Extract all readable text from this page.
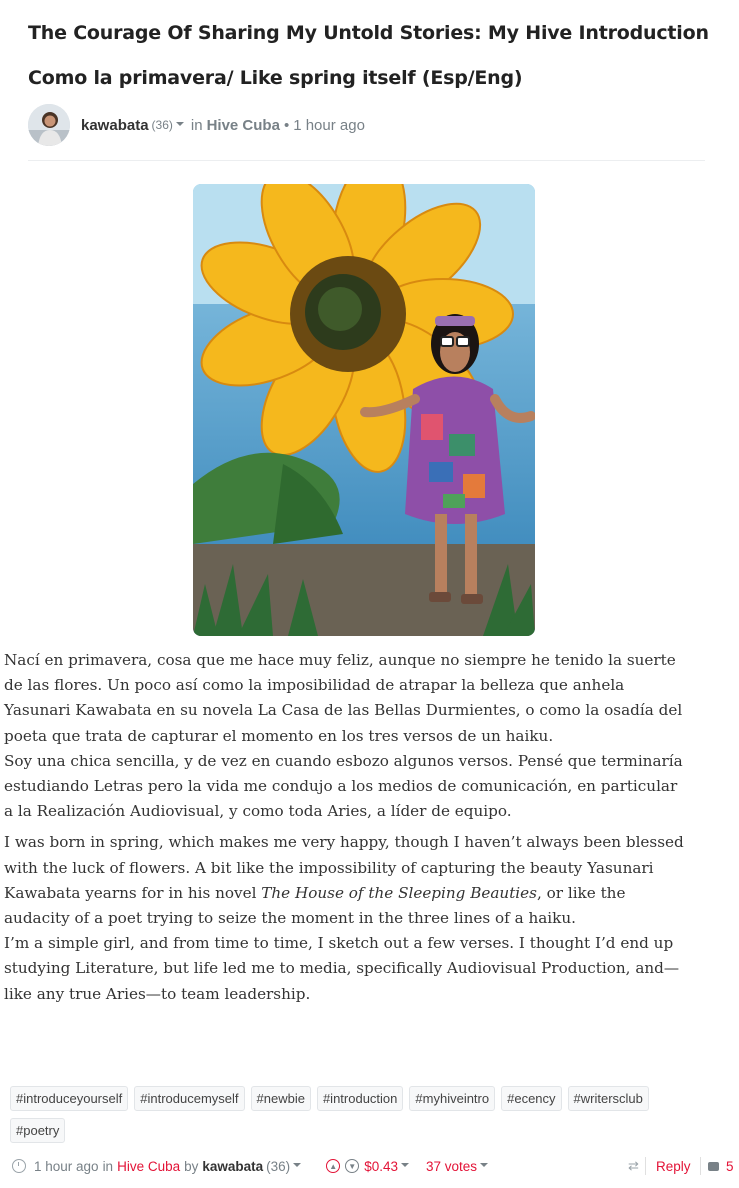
The Courage Of Sharing My Untold Stories: My Hive Introduction
Como la primavera/ Like spring itself (Esp/Eng)
kawabata (36) in Hive Cuba • 1 hour ago

Nací en primavera, cosa que me hace muy feliz, aunque no siempre he tenido la suerte de las flores. Un poco así como la imposibilidad de atrapar la belleza que anhela Yasunari Kawabata en su novela La Casa de las Bellas Durmientes, o como la osadía del poeta que trata de capturar el momento en los tres versos de un haiku.

Soy una chica sencilla, y de vez en cuando esbozo algunos versos. Pensé que terminaría estudiando Letras pero la vida me condujo a los medios de comunicación, en particular a la Realización Audiovisual, y como toda Aries, a líder de equipo.

I was born in spring, which makes me very happy, though I haven’t always been blessed with the luck of flowers. A bit like the impossibility of capturing the beauty Yasunari Kawabata yearns for in his novel The House of the Sleeping Beauties, or like the audacity of a poet trying to seize the moment in the three lines of a haiku.

I’m a simple girl, and from time to time, I sketch out a few verses. I thought I’d end up studying Literature, but life led me to media, specifically Audiovisual Production, and—like any true Aries—to team leadership.

#introduceyourself	#introducemyself	#newbie	#introduction	#myhiveintro	#ecency	#writersclub
#poetry
1 hour ago in Hive Cuba by kawabata (36)	▲	▼ $0.43 37 votes	⇄ Reply	5
